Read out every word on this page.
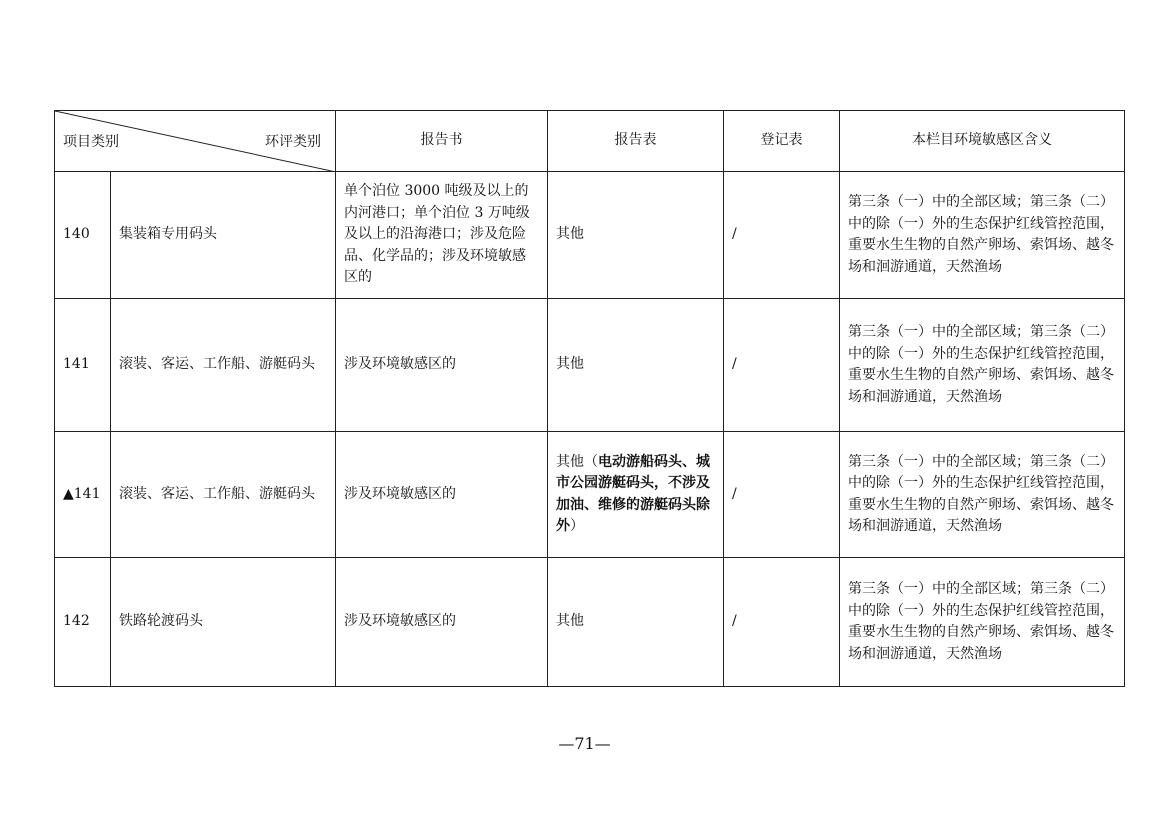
项目类别 环评类别		报告书	报告表	登记表	本栏目环境敏感区含义
140	集装箱专用码头	单个泊位 3000 吨级及以上的内河港口；单个泊位 3 万吨级及以上的沿海港口；涉及危险品、化学品的；涉及环境敏感区的	其他	/	第三条（一）中的全部区域；第三条（二）中的除（一）外的生态保护红线管控范围，重要水生生物的自然产卵场、索饵场、越冬场和洄游通道，天然渔场
141	滚装、客运、工作船、游艇码头	涉及环境敏感区的	其他	/	第三条（一）中的全部区域；第三条（二）中的除（一）外的生态保护红线管控范围，重要水生生物的自然产卵场、索饵场、越冬场和洄游通道，天然渔场
▲141	滚装、客运、工作船、游艇码头	涉及环境敏感区的	其他（电动游船码头、城市公园游艇码头，不涉及加油、维修的游艇码头除外）	/	第三条（一）中的全部区域；第三条（二）中的除（一）外的生态保护红线管控范围，重要水生生物的自然产卵场、索饵场、越冬场和洄游通道，天然渔场
142	铁路轮渡码头	涉及环境敏感区的	其他	/	第三条（一）中的全部区域；第三条（二）中的除（一）外的生态保护红线管控范围，重要水生生物的自然产卵场、索饵场、越冬场和洄游通道，天然渔场
—71—
